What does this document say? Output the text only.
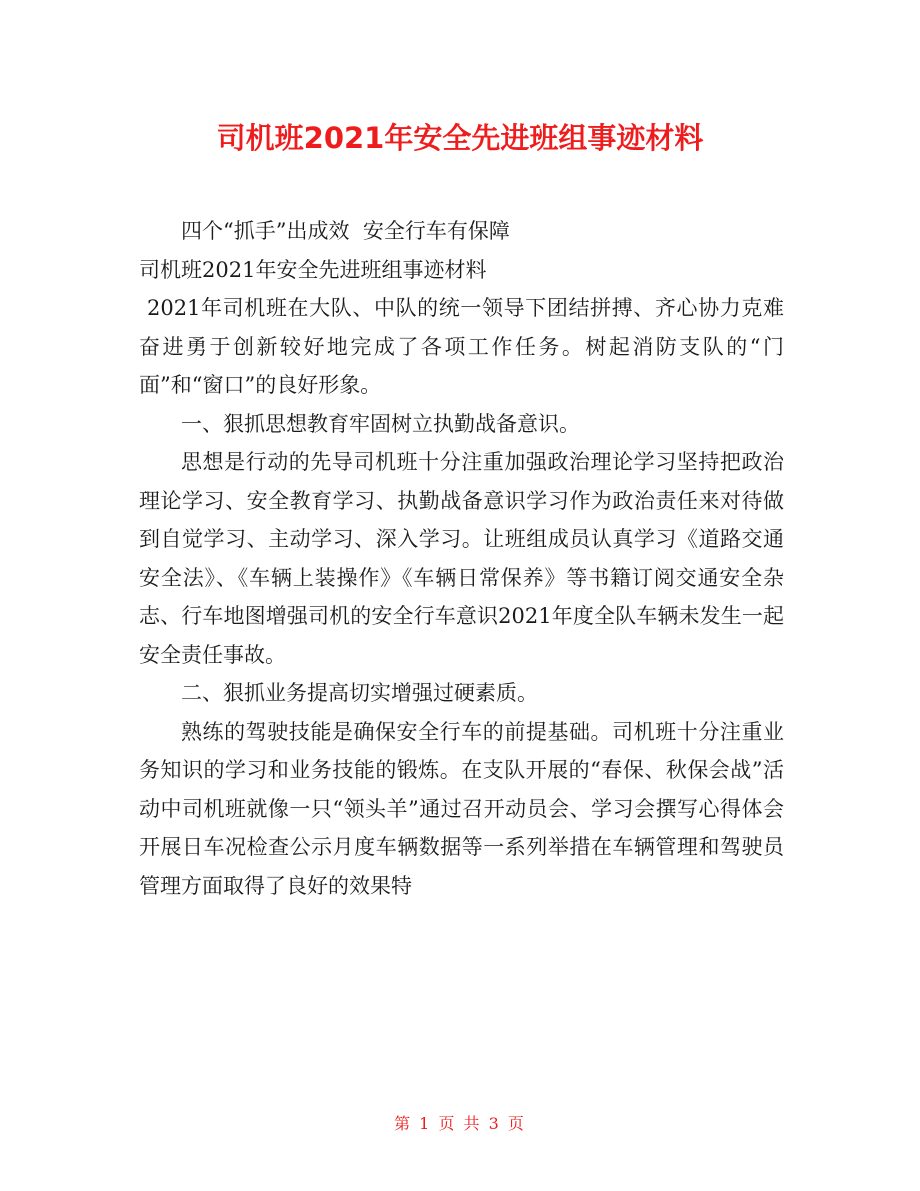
司机班2021年安全先进班组事迹材料

四个“抓手”出成效  安全行车有保障

司机班2021年安全先进班组事迹材料

2021年司机班在大队、中队的统一领导下团结拼搏、齐心协力克难奋进勇于创新较好地完成了各项工作任务。树起消防支队的“门面”和“窗口”的良好形象。

一、狠抓思想教育牢固树立执勤战备意识。

思想是行动的先导司机班十分注重加强政治理论学习坚持把政治理论学习、安全教育学习、执勤战备意识学习作为政治责任来对待做到自觉学习、主动学习、深入学习。让班组成员认真学习《道路交通安全法》、《车辆上装操作》《车辆日常保养》等书籍订阅交通安全杂志、行车地图增强司机的安全行车意识2021年度全队车辆未发生一起安全责任事故。

二、狠抓业务提高切实增强过硬素质。

熟练的驾驶技能是确保安全行车的前提基础。司机班十分注重业务知识的学习和业务技能的锻炼。在支队开展的“春保、秋保会战”活动中司机班就像一只“领头羊”通过召开动员会、学习会撰写心得体会开展日车况检查公示月度车辆数据等一系列举措在车辆管理和驾驶员管理方面取得了良好的效果特

第 1 页 共 3 页
